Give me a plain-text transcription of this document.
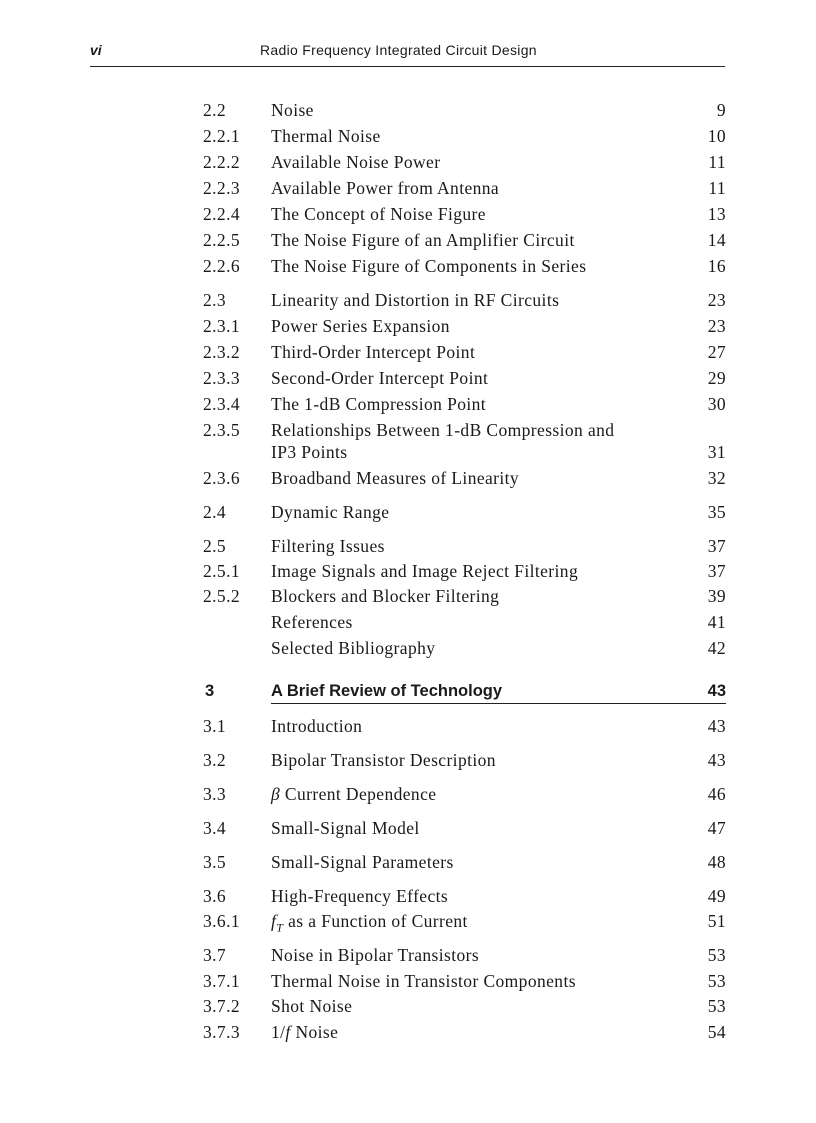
vi	Radio Frequency Integrated Circuit Design
2.2	Noise	9
2.2.1 Thermal Noise	10
2.2.2 Available Noise Power	11
2.2.3 Available Power from Antenna	11
2.2.4 The Concept of Noise Figure	13
2.2.5 The Noise Figure of an Amplifier Circuit	14
2.2.6 The Noise Figure of Components in Series	16
2.3	Linearity and Distortion in RF Circuits	23
2.3.1 Power Series Expansion	23
2.3.2 Third-Order Intercept Point	27
2.3.3 Second-Order Intercept Point	29
2.3.4 The 1-dB Compression Point	30
2.3.5 Relationships Between 1-dB Compression and
IP3 Points	31
2.3.6 Broadband Measures of Linearity	32
2.4	Dynamic Range	35
2.5	Filtering Issues	37
2.5.1 Image Signals and Image Reject Filtering	37
2.5.2 Blockers and Blocker Filtering	39
References	41
Selected Bibliography	42
3	A Brief Review of Technology	43
3.1	Introduction	43
3.2	Bipolar Transistor Description	43
3.3	β Current Dependence	46
3.4	Small-Signal Model	47
3.5	Small-Signal Parameters	48
3.6	High-Frequency Effects	49
3.6.1 $f_T$ as a Function of Current	51
3.7	Noise in Bipolar Transistors	53
3.7.1 Thermal Noise in Transistor Components	53
3.7.2 Shot Noise	53
3.7.3 1/f Noise	54
